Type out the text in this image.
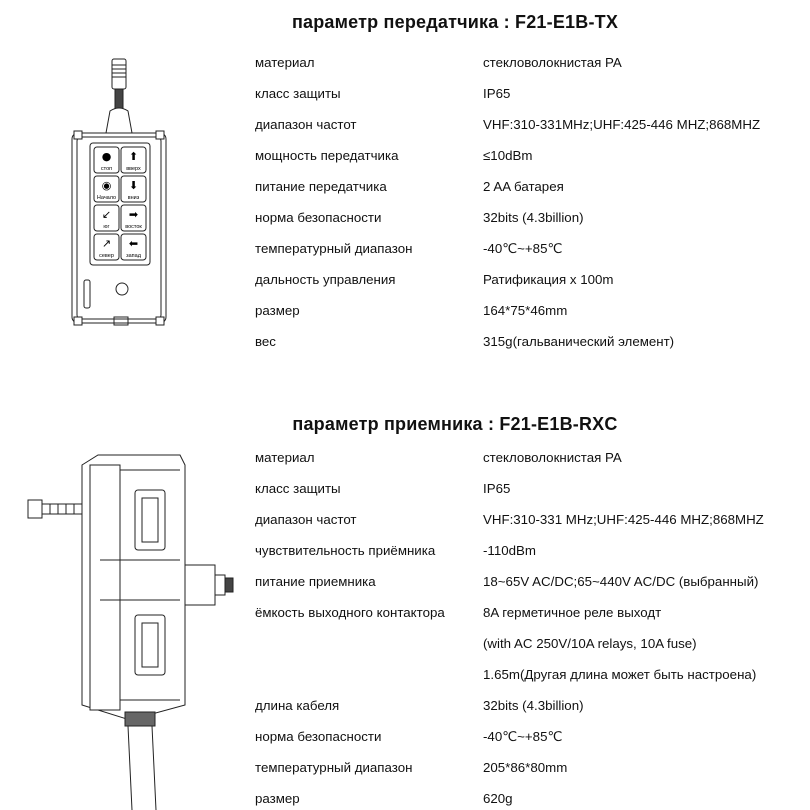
параметр передатчика : F21-E1B-TX
материал	стекловолокнистая PA
класс защиты	IP65
диапазон частот	VHF:310-331MHz;UHF:425-446 MHZ;868MHZ
мощность передатчика	≤10dBm
питание передатчика	2 AA батарея
норма безопасности	32bits (4.3billion)
температурный диапазон	-40℃~+85℃
дальность управления	Ратификация x 100m
размер	164*75*46mm
вес	315g(гальванический элемент)
●
стоп
⬆
вверх
◉
Начало
⬇
вниз
↙
юг
➡
восток
↗
север
⬅
запад
параметр приемника : F21-E1B-RXC
материал	стекловолокнистая PA
класс защиты	IP65
диапазон частот	VHF:310-331 MHz;UHF:425-446 MHZ;868MHZ
чувствительность приёмника	-110dBm
питание приемника	18~65V AC/DC;65~440V AC/DC (выбранный)
ёмкость выходного контактора	8A герметичное реле выходт
(with AC 250V/10A relays, 10A fuse)
1.65m(Другая длина может быть настроена)
длина кабеля	32bits (4.3billion)
норма безопасности	-40℃~+85℃
температурный диапазон	205*86*80mm
размер	620g
